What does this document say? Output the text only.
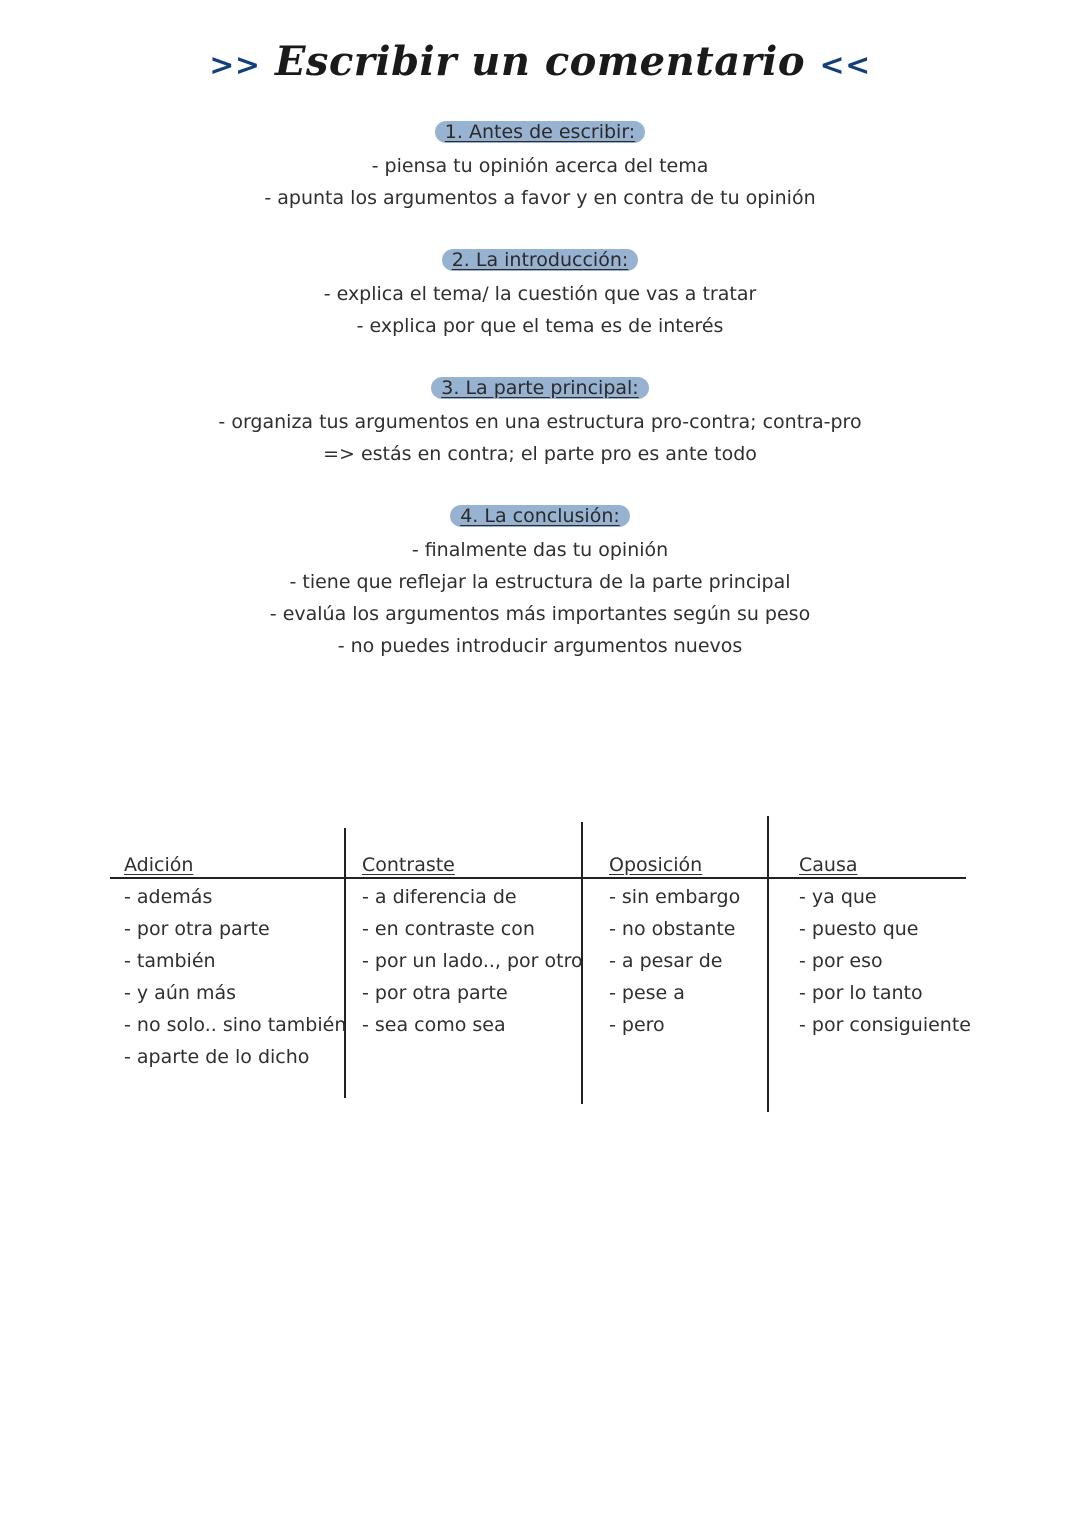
>> Escribir un comentario <<
1. Antes de escribir:
- piensa tu opinión acerca del tema
- apunta los argumentos a favor y en contra de tu opinión
2. La introducción:
- explica el tema/ la cuestión que vas a tratar
- explica por que el tema es de interés
3. La parte principal:
- organiza tus argumentos en una estructura pro-contra; contra-pro
=> estás en contra; el parte pro es ante todo
4. La conclusión:
- finalmente das tu opinión
- tiene que reflejar la estructura de la parte principal
- evalúa los argumentos más importantes según su peso
- no puedes introducir argumentos nuevos
Adición
- además
- por otra parte
- también
- y aún más
- no solo.. sino también
- aparte de lo dicho
Contraste
- a diferencia de
- en contraste con
- por un lado.., por otro
- por otra parte
- sea como sea
Oposición
- sin embargo
- no obstante
- a pesar de
- pese a
- pero
Causa
- ya que
- puesto que
- por eso
- por lo tanto
- por consiguiente
